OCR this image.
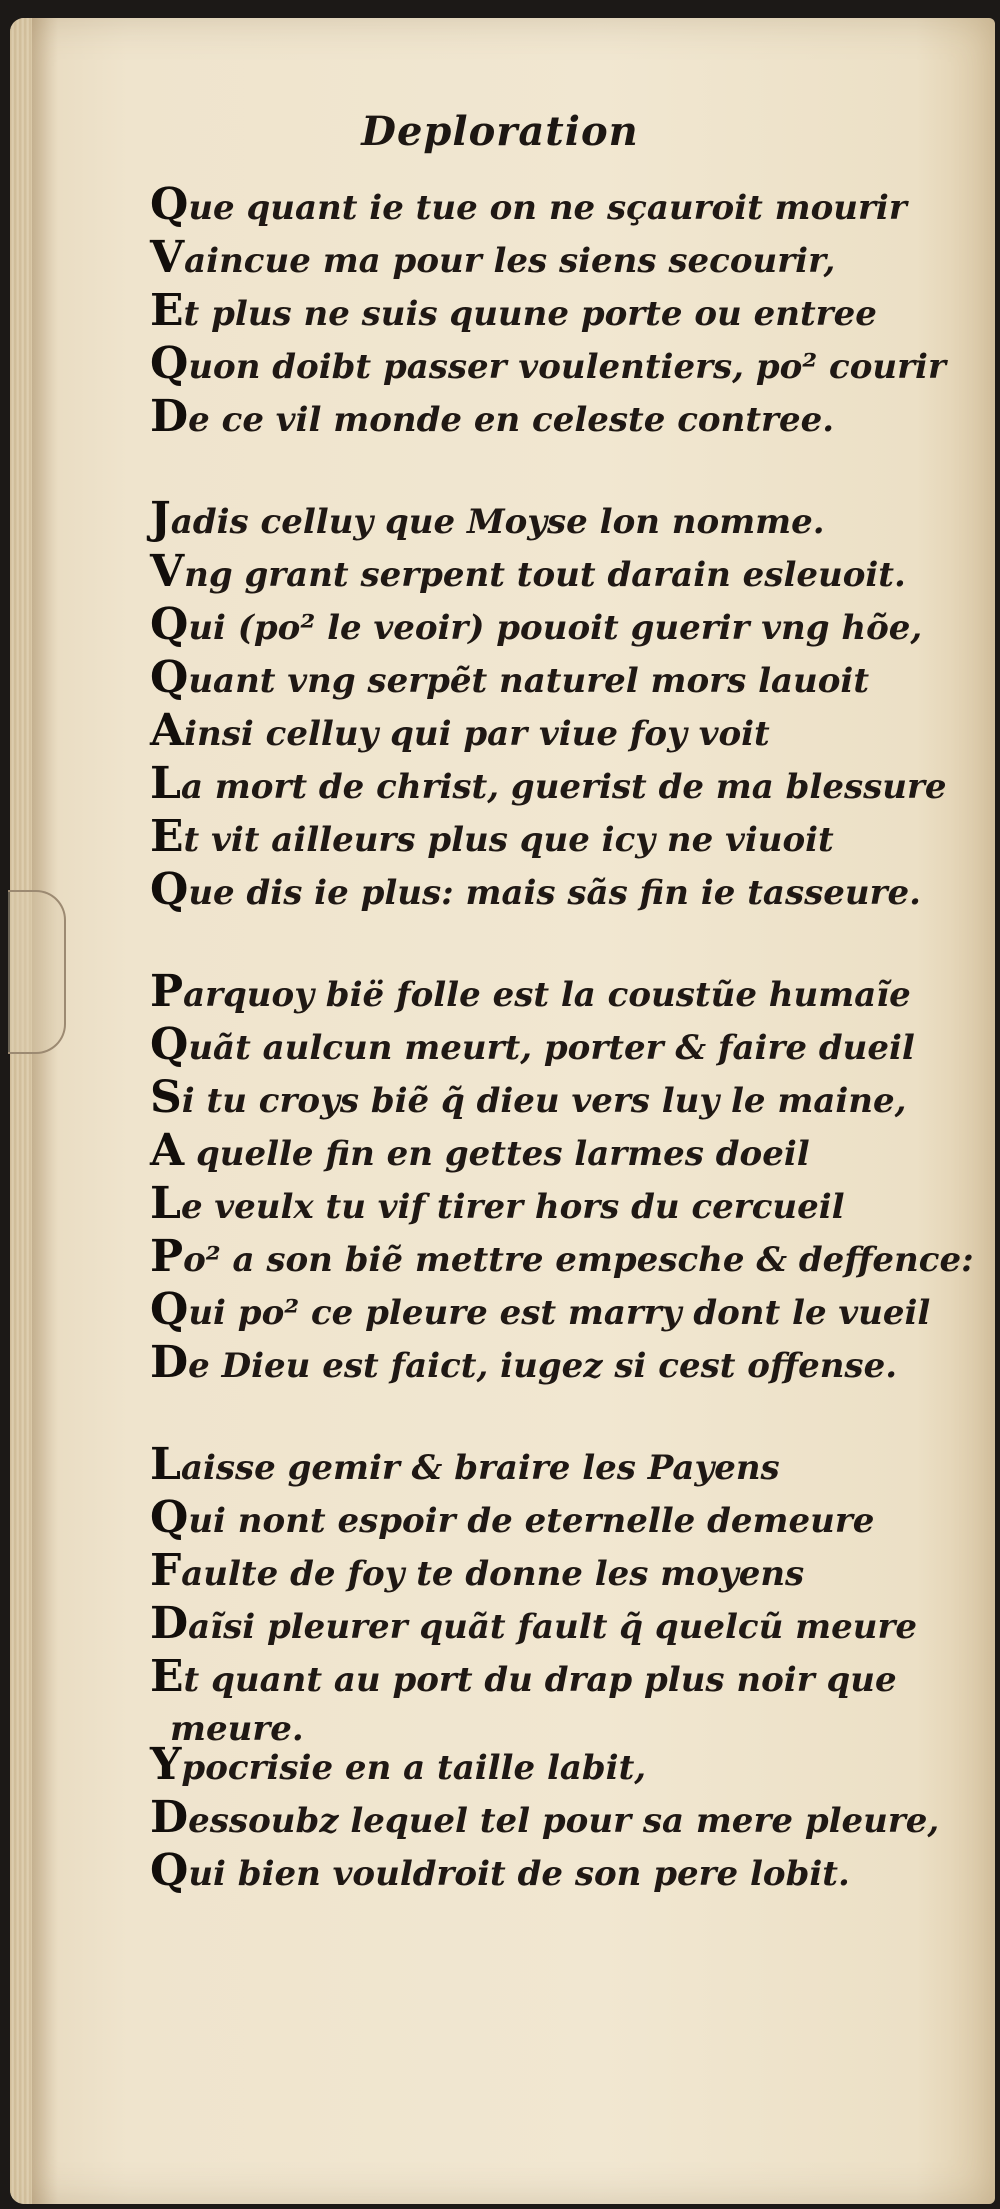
Deploration
Que quant ie tue on ne sçauroit mourir
Vaincue ma pour les siens secourir,
Et plus ne suis quune porte ou entree
Quon doibt passer voulentiers, po² courir
De ce vil monde en celeste contree.
Jadis celluy que Moyse lon nomme.
Vng grant serpent tout darain esleuoit.
Qui (po² le veoir) pouoit guerir vng hõe,
Quant vng serpẽt naturel mors lauoit
Ainsi celluy qui par viue foy voit
La mort de christ, guerist de ma blessure
Et vit ailleurs plus que icy ne viuoit
Que dis ie plus: mais sãs fin ie tasseure.
Parquoy bië folle est la coustũe humaĩe
Quãt aulcun meurt, porter & faire dueil
Si tu croys biẽ q̃ dieu vers luy le maine,
A quelle fin en gettes larmes doeil
Le veulx tu vif tirer hors du cercueil
Po² a son biẽ mettre empesche & deffence:
Qui po² ce pleure est marry dont le vueil
De Dieu est faict, iugez si cest offense.
Laisse gemir & braire les Payens
Qui nont espoir de eternelle demeure
Faulte de foy te donne les moyens
Daĩsi pleurer quãt fault q̃ quelcũ meure
Et quant au port du drap plus noir que
meure.
Ypocrisie en a taille labit,
Dessoubz lequel tel pour sa mere pleure,
Qui bien vouldroit de son pere lobit.
